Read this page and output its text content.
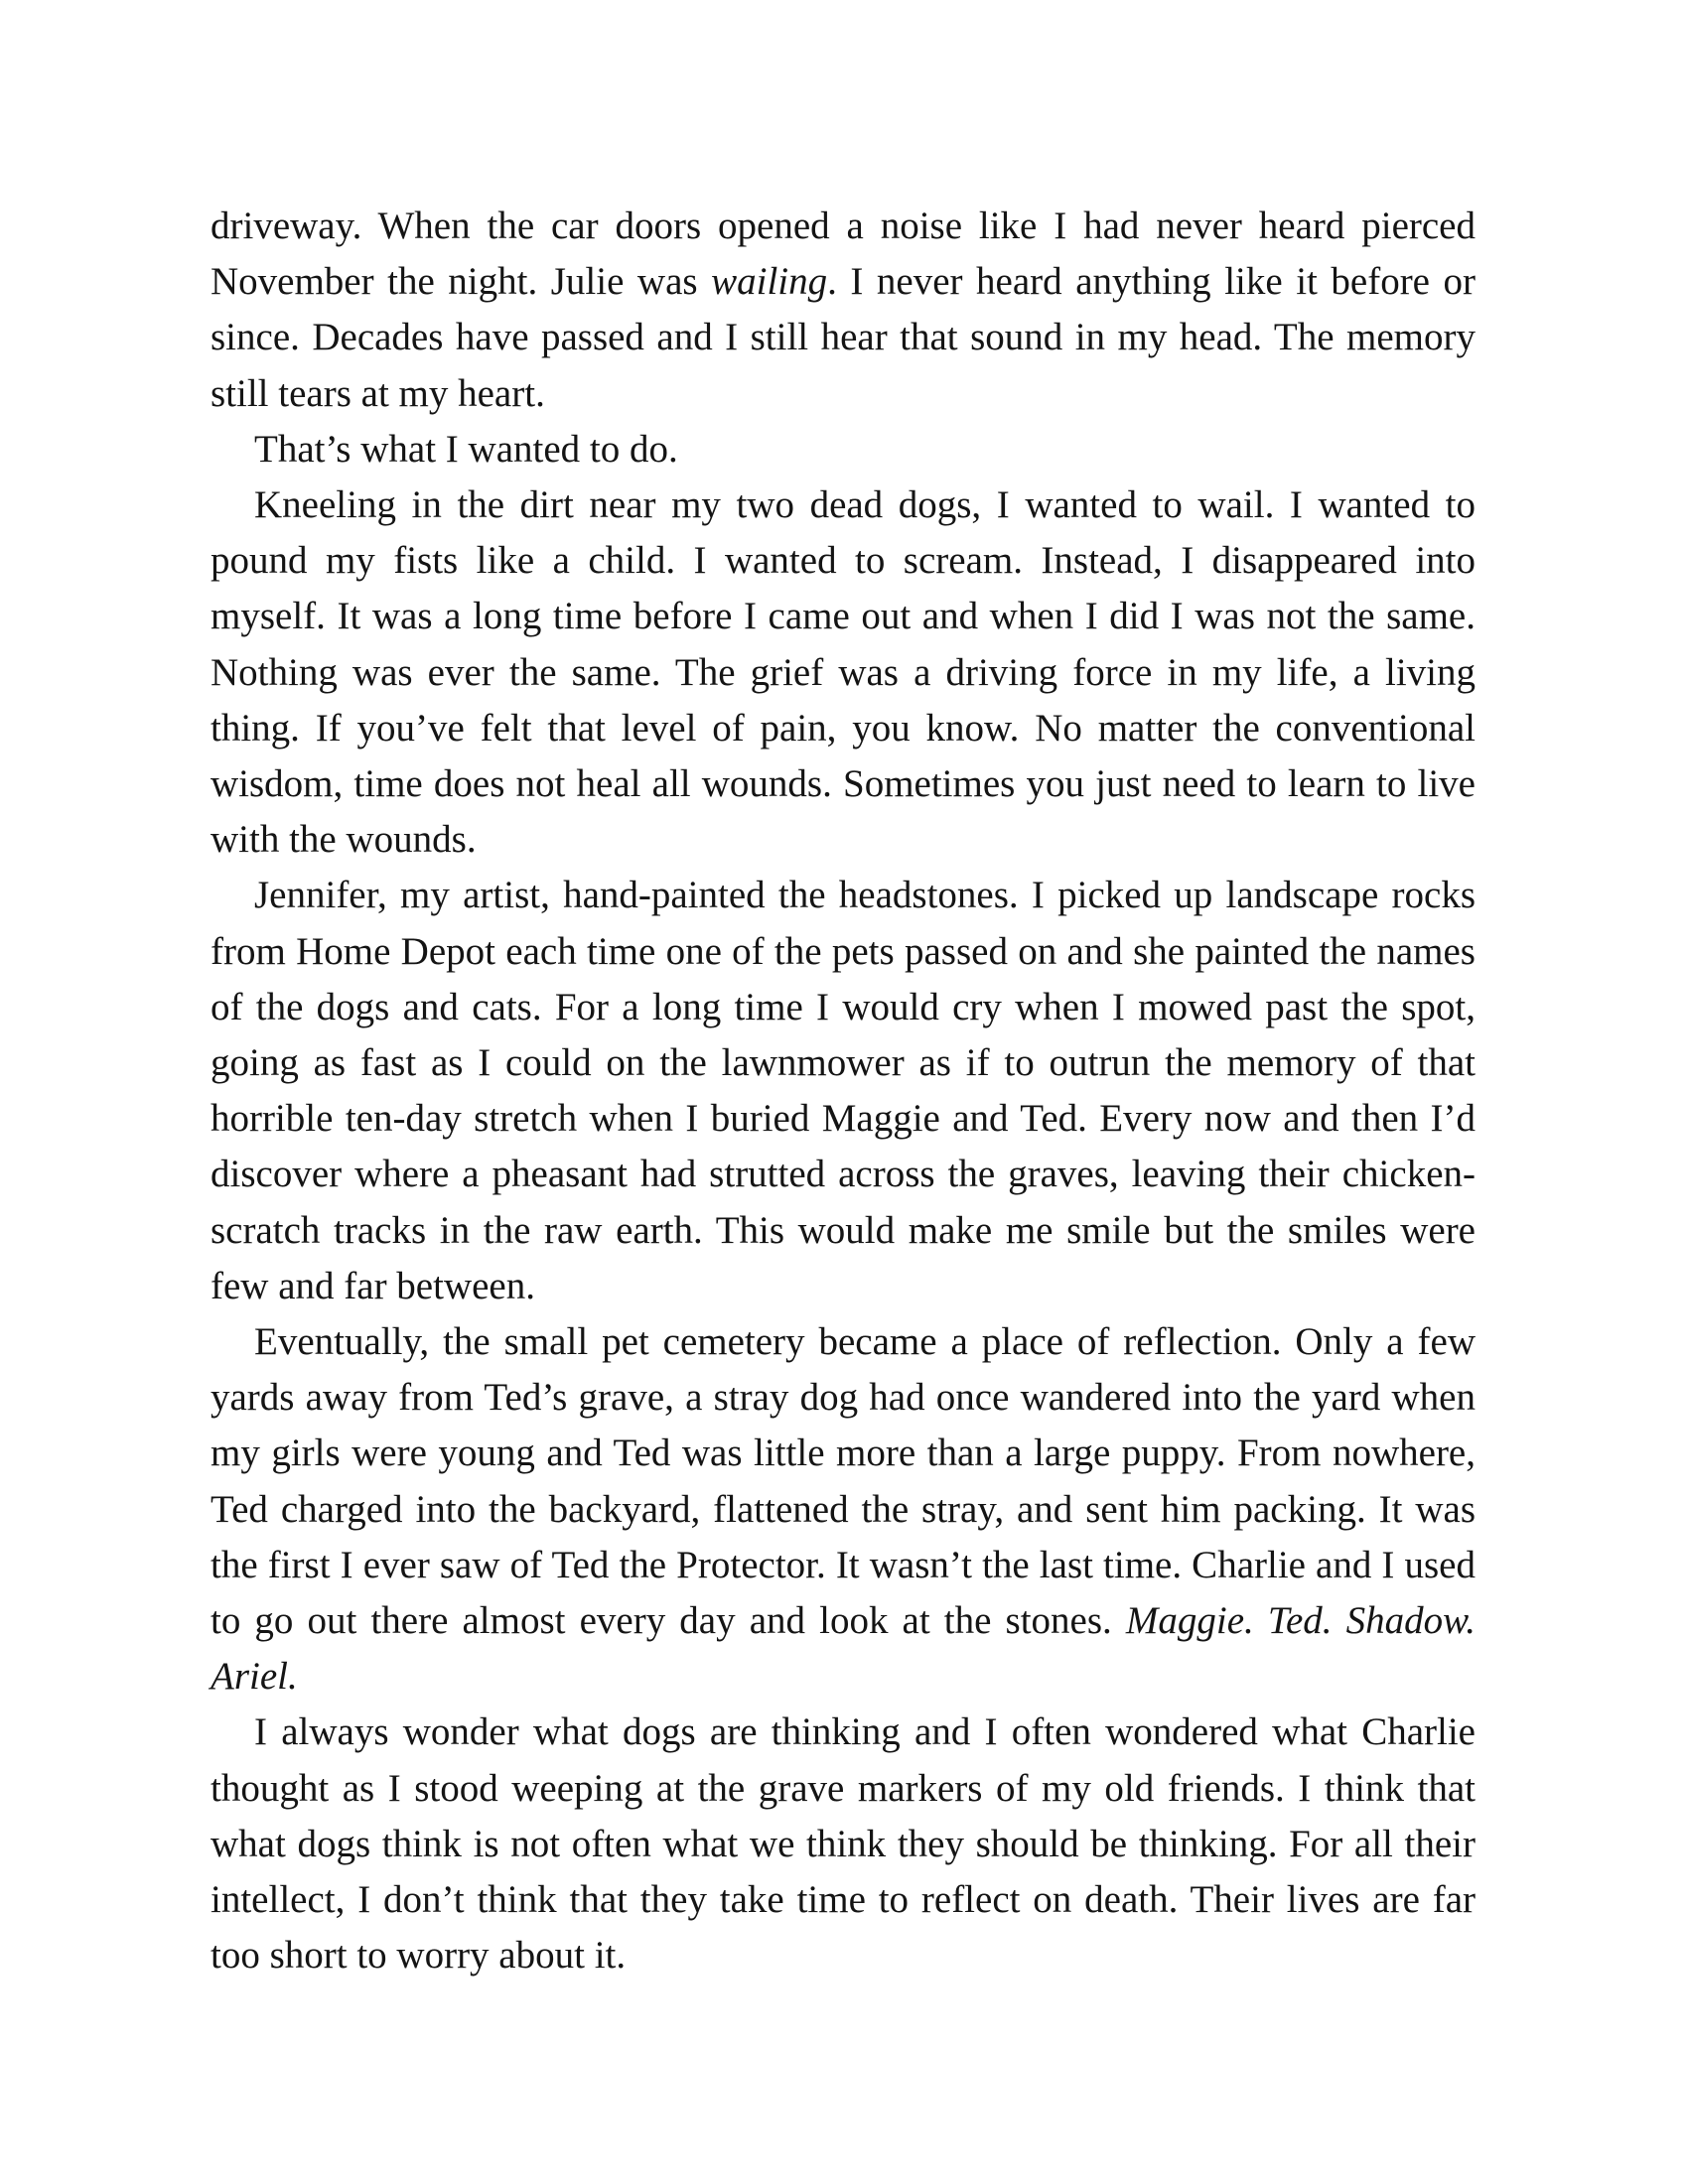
driveway. When the car doors opened a noise like I had never heard pierced November the night. Julie was wailing. I never heard anything like it before or since. Decades have passed and I still hear that sound in my head. The memory still tears at my heart.

That’s what I wanted to do.

Kneeling in the dirt near my two dead dogs, I wanted to wail. I wanted to pound my fists like a child. I wanted to scream. Instead, I disappeared into myself. It was a long time before I came out and when I did I was not the same. Nothing was ever the same. The grief was a driving force in my life, a living thing. If you’ve felt that level of pain, you know. No matter the conventional wisdom, time does not heal all wounds. Sometimes you just need to learn to live with the wounds.

Jennifer, my artist, hand-painted the headstones. I picked up landscape rocks from Home Depot each time one of the pets passed on and she painted the names of the dogs and cats. For a long time I would cry when I mowed past the spot, going as fast as I could on the lawnmower as if to outrun the memory of that horrible ten-day stretch when I buried Maggie and Ted. Every now and then I’d discover where a pheasant had strutted across the graves, leaving their chicken-scratch tracks in the raw earth. This would make me smile but the smiles were few and far between.

Eventually, the small pet cemetery became a place of reflection. Only a few yards away from Ted’s grave, a stray dog had once wandered into the yard when my girls were young and Ted was little more than a large puppy. From nowhere, Ted charged into the backyard, flattened the stray, and sent him packing. It was the first I ever saw of Ted the Protector. It wasn’t the last time. Charlie and I used to go out there almost every day and look at the stones. Maggie. Ted. Shadow. Ariel.

I always wonder what dogs are thinking and I often wondered what Charlie thought as I stood weeping at the grave markers of my old friends. I think that what dogs think is not often what we think they should be thinking. For all their intellect, I don’t think that they take time to reflect on death. Their lives are far too short to worry about it.
